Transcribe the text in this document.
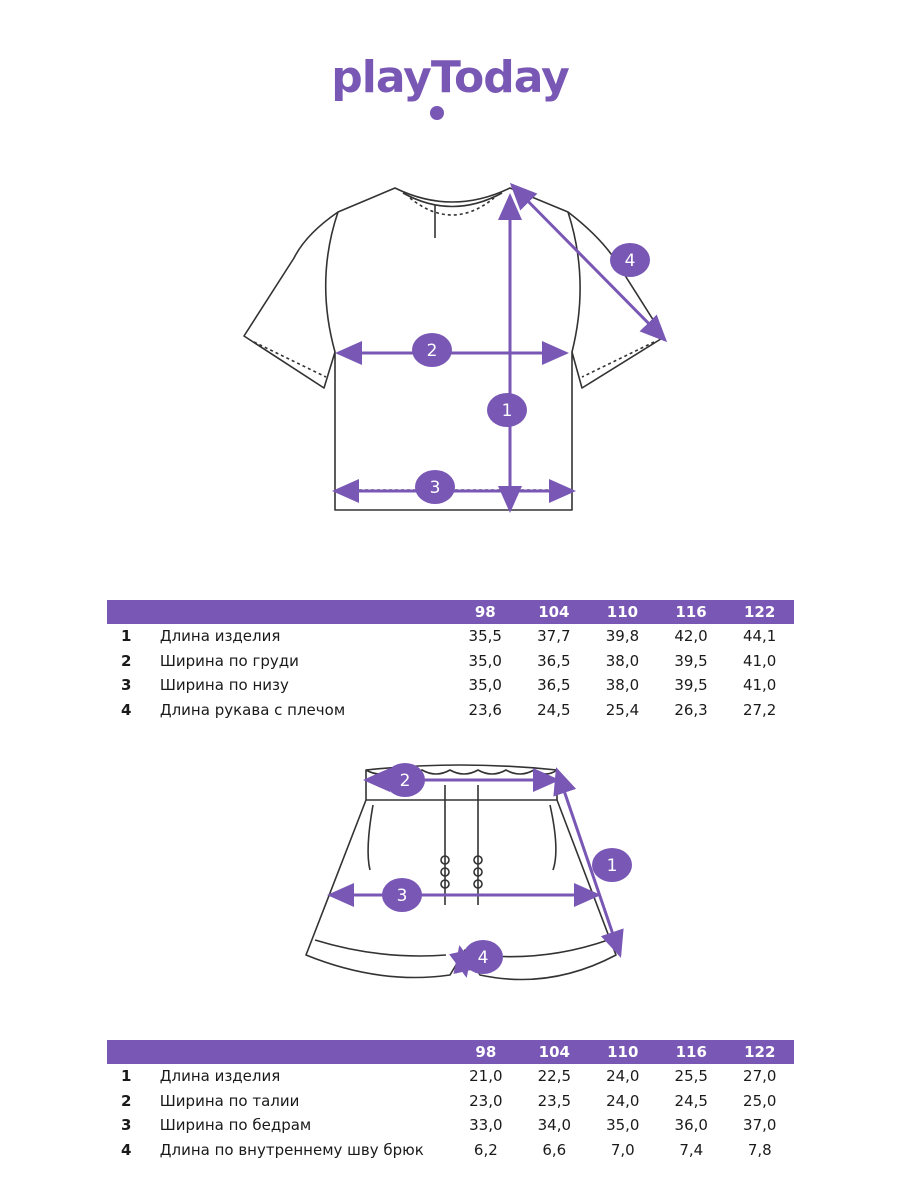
playToday
1
2
3
4
		98	104	110	116	122
1	Длина изделия	35,5	37,7	39,8	42,0	44,1
2	Ширина по груди	35,0	36,5	38,0	39,5	41,0
3	Ширина по низу	35,0	36,5	38,0	39,5	41,0
4	Длина рукава с плечом	23,6	24,5	25,4	26,3	27,2
1
2
3
4
		98	104	110	116	122
1	Длина изделия	21,0	22,5	24,0	25,5	27,0
2	Ширина по талии	23,0	23,5	24,0	24,5	25,0
3	Ширина по бедрам	33,0	34,0	35,0	36,0	37,0
4	Длина по внутреннему шву брюк	6,2	6,6	7,0	7,4	7,8
